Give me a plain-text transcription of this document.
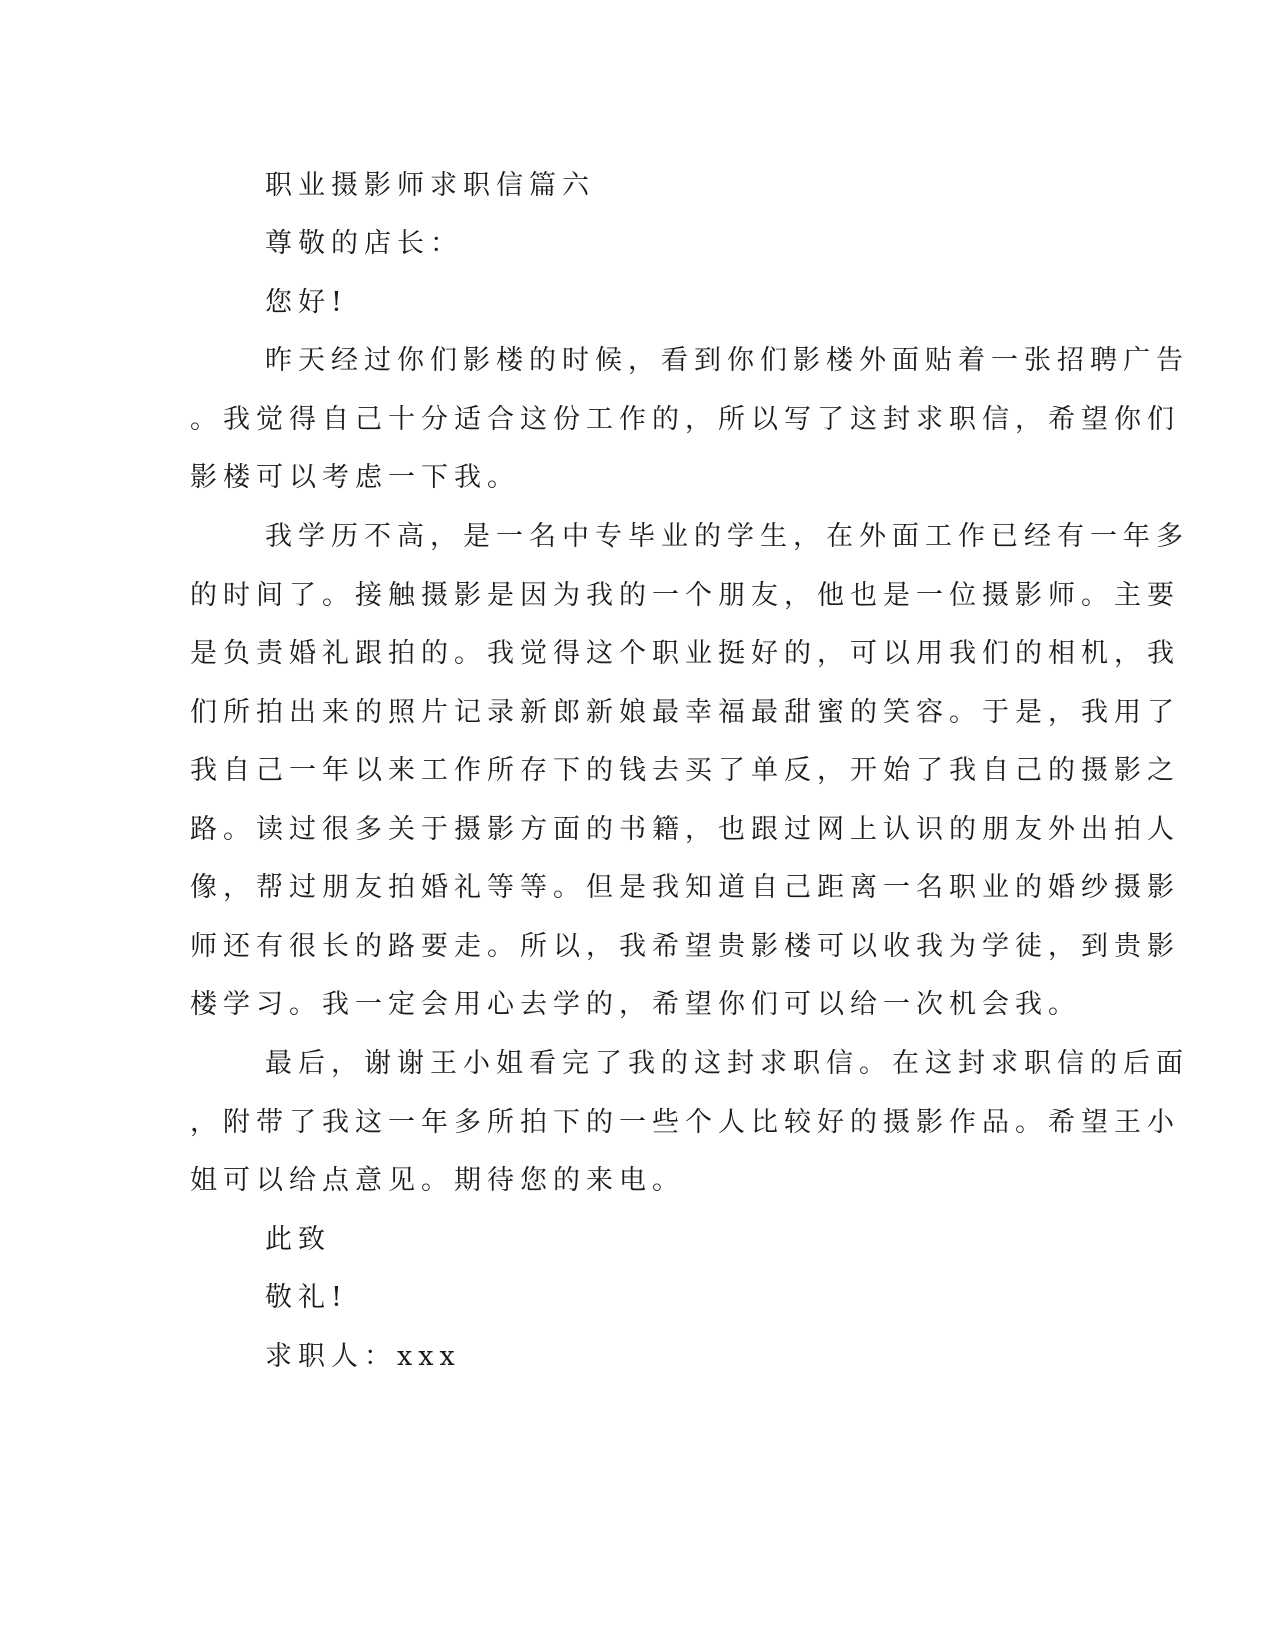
职业摄影师求职信篇六
尊敬的店长：
您好!
昨天经过你们影楼的时候，看到你们影楼外面贴着一张招聘广告
。我觉得自己十分适合这份工作的，所以写了这封求职信，希望你们
影楼可以考虑一下我。
我学历不高，是一名中专毕业的学生，在外面工作已经有一年多
的时间了。接触摄影是因为我的一个朋友，他也是一位摄影师。主要
是负责婚礼跟拍的。我觉得这个职业挺好的，可以用我们的相机，我
们所拍出来的照片记录新郎新娘最幸福最甜蜜的笑容。于是，我用了
我自己一年以来工作所存下的钱去买了单反，开始了我自己的摄影之
路。读过很多关于摄影方面的书籍，也跟过网上认识的朋友外出拍人
像，帮过朋友拍婚礼等等。但是我知道自己距离一名职业的婚纱摄影
师还有很长的路要走。所以，我希望贵影楼可以收我为学徒，到贵影
楼学习。我一定会用心去学的，希望你们可以给一次机会我。
最后，谢谢王小姐看完了我的这封求职信。在这封求职信的后面
，附带了我这一年多所拍下的一些个人比较好的摄影作品。希望王小
姐可以给点意见。期待您的来电。
此致
敬礼!
求职人：xxx
